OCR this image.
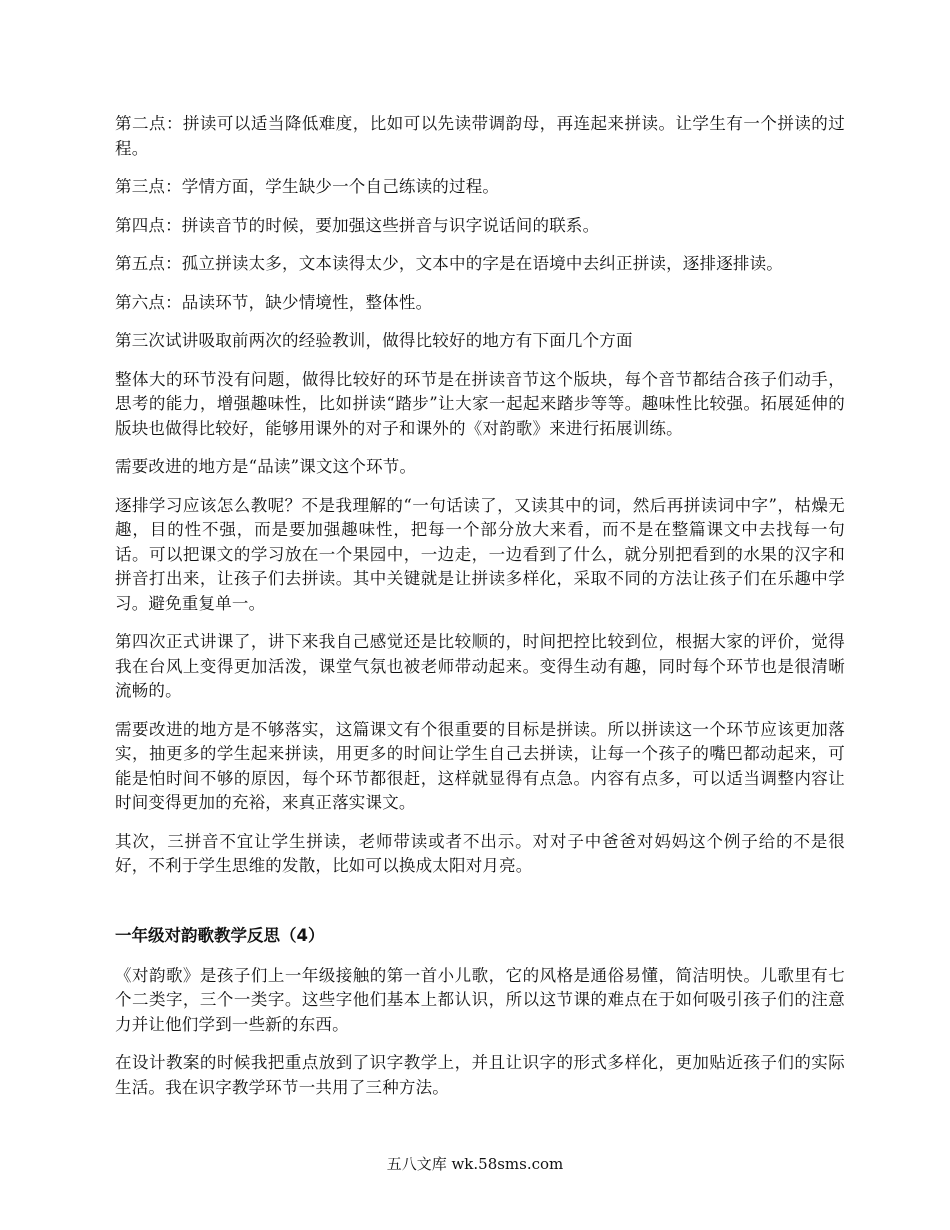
第二点：拼读可以适当降低难度，比如可以先读带调韵母，再连起来拼读。让学生有一个拼读的过程。

第三点：学情方面，学生缺少一个自己练读的过程。

第四点：拼读音节的时候，要加强这些拼音与识字说话间的联系。

第五点：孤立拼读太多，文本读得太少，文本中的字是在语境中去纠正拼读，逐排逐排读。

第六点：品读环节，缺少情境性，整体性。

第三次试讲吸取前两次的经验教训，做得比较好的地方有下面几个方面

整体大的环节没有问题，做得比较好的环节是在拼读音节这个版块，每个音节都结合孩子们动手，思考的能力，增强趣味性，比如拼读“踏步”让大家一起起来踏步等等。趣味性比较强。拓展延伸的版块也做得比较好，能够用课外的对子和课外的《对韵歌》来进行拓展训练。

需要改进的地方是“品读”课文这个环节。

逐排学习应该怎么教呢？不是我理解的“一句话读了，又读其中的词，然后再拼读词中字”，枯燥无趣，目的性不强，而是要加强趣味性，把每一个部分放大来看，而不是在整篇课文中去找每一句话。可以把课文的学习放在一个果园中，一边走，一边看到了什么，就分别把看到的水果的汉字和拼音打出来，让孩子们去拼读。其中关键就是让拼读多样化，采取不同的方法让孩子们在乐趣中学习。避免重复单一。

第四次正式讲课了，讲下来我自己感觉还是比较顺的，时间把控比较到位，根据大家的评价，觉得我在台风上变得更加活泼，课堂气氛也被老师带动起来。变得生动有趣，同时每个环节也是很清晰流畅的。

需要改进的地方是不够落实，这篇课文有个很重要的目标是拼读。所以拼读这一个环节应该更加落实，抽更多的学生起来拼读，用更多的时间让学生自己去拼读，让每一个孩子的嘴巴都动起来，可能是怕时间不够的原因，每个环节都很赶，这样就显得有点急。内容有点多，可以适当调整内容让时间变得更加的充裕，来真正落实课文。

其次，三拼音不宜让学生拼读，老师带读或者不出示。对对子中爸爸对妈妈这个例子给的不是很好，不利于学生思维的发散，比如可以换成太阳对月亮。

一年级对韵歌教学反思（4）

《对韵歌》是孩子们上一年级接触的第一首小儿歌，它的风格是通俗易懂，简洁明快。儿歌里有七个二类字，三个一类字。这些字他们基本上都认识，所以这节课的难点在于如何吸引孩子们的注意力并让他们学到一些新的东西。

在设计教案的时候我把重点放到了识字教学上，并且让识字的形式多样化，更加贴近孩子们的实际生活。我在识字教学环节一共用了三种方法。

五八文库 wk.58sms.com
